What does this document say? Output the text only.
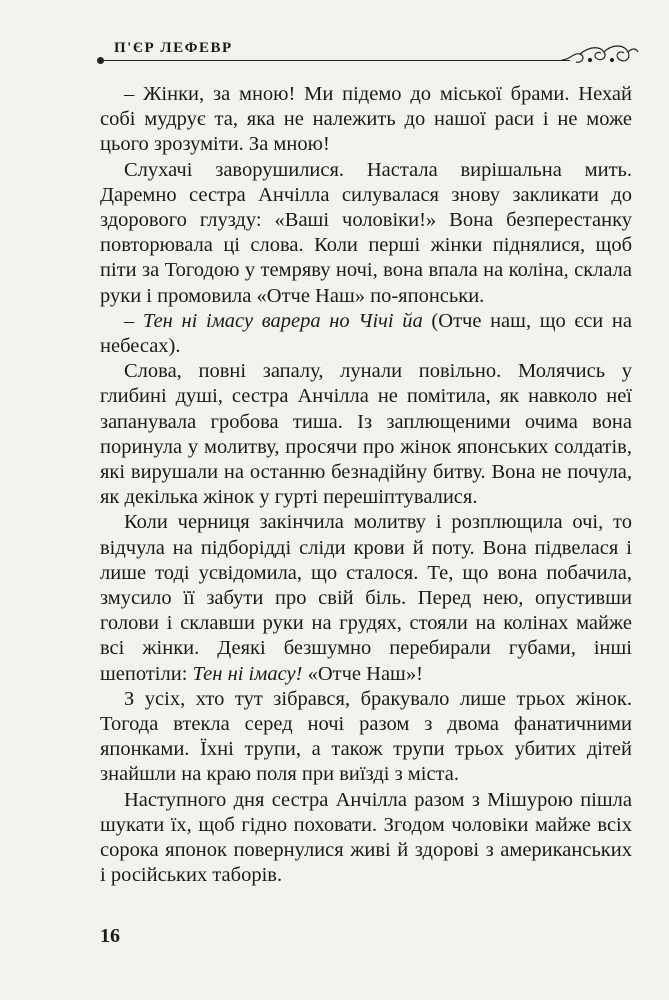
П'ЄР ЛЕФЕВР

– Жінки, за мною! Ми підемо до міської брами. Нехай собі мудрує та, яка не належить до нашої раси і не може цього зрозуміти. За мною!

Слухачі заворушилися. Настала вирішальна мить. Даремно сестра Анчілла силувалася знову закликати до здорового глузду: «Ваші чоловіки!» Вона безперестанку повторювала ці слова. Коли перші жінки піднялися, щоб піти за Тогодою у темряву ночі, вона впала на коліна, склала руки і промовила «Отче Наш» по-японськи.

– Тен ні імасу варера но Чічі йа (Отче наш, що єси на небесах).

Слова, повні запалу, лунали повільно. Молячись у глибині душі, сестра Анчілла не помітила, як навколо неї запанувала гробова тиша. Із заплющеними очима вона поринула у молитву, просячи про жінок японських солдатів, які вирушали на останню безнадійну битву. Вона не почула, як декілька жінок у гурті перешіптувалися.

Коли черниця закінчила молитву і розплющила очі, то відчула на підборідді сліди крови й поту. Вона підвелася і лише тоді усвідомила, що сталося. Те, що вона побачила, змусило її забути про свій біль. Перед нею, опустивши голови і склавши руки на грудях, стояли на колінах майже всі жінки. Деякі безшумно перебирали губами, інші шепотіли: Тен ні імасу! «Отче Наш»!

З усіх, хто тут зібрався, бракувало лише трьох жінок. Тогода втекла серед ночі разом з двома фанатичними японками. Їхні трупи, а також трупи трьох убитих дітей знайшли на краю поля при виїзді з міста.

Наступного дня сестра Анчілла разом з Мішурою пішла шукати їх, щоб гідно поховати. Згодом чоловіки майже всіх сорока японок повернулися живі й здорові з американських і російських таборів.

16
